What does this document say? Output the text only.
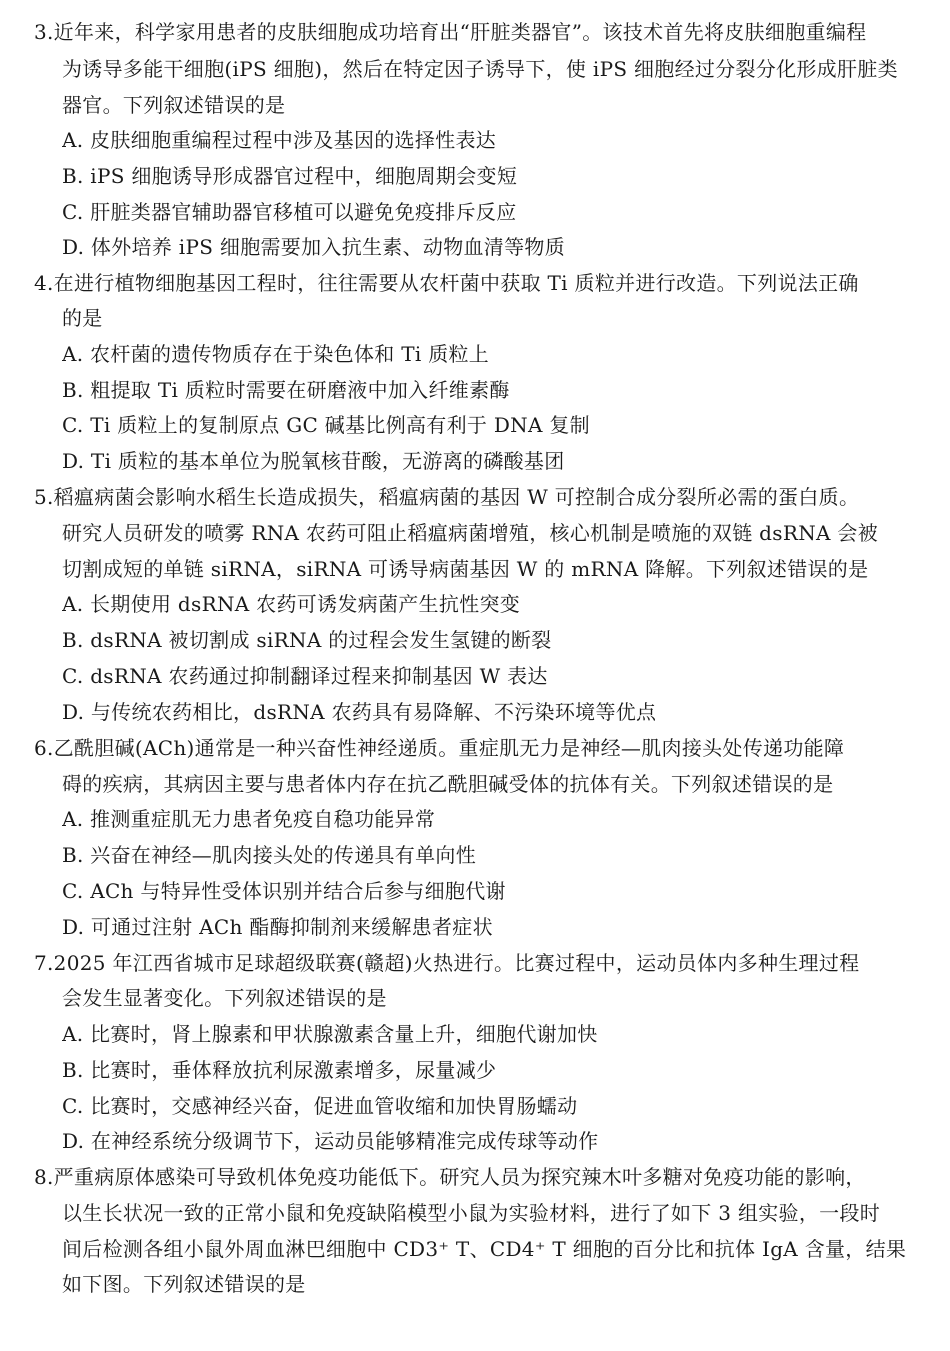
3.近年来，科学家用患者的皮肤细胞成功培育出“肝脏类器官”。该技术首先将皮肤细胞重编程
为诱导多能干细胞(iPS 细胞)，然后在特定因子诱导下，使 iPS 细胞经过分裂分化形成肝脏类
器官。下列叙述错误的是
A. 皮肤细胞重编程过程中涉及基因的选择性表达
B. iPS 细胞诱导形成器官过程中，细胞周期会变短
C. 肝脏类器官辅助器官移植可以避免免疫排斥反应
D. 体外培养 iPS 细胞需要加入抗生素、动物血清等物质
4.在进行植物细胞基因工程时，往往需要从农杆菌中获取 Ti 质粒并进行改造。下列说法正确
的是
A. 农杆菌的遗传物质存在于染色体和 Ti 质粒上
B. 粗提取 Ti 质粒时需要在研磨液中加入纤维素酶
C. Ti 质粒上的复制原点 GC 碱基比例高有利于 DNA 复制
D. Ti 质粒的基本单位为脱氧核苷酸，无游离的磷酸基团
5.稻瘟病菌会影响水稻生长造成损失，稻瘟病菌的基因 W 可控制合成分裂所必需的蛋白质。
研究人员研发的喷雾 RNA 农药可阻止稻瘟病菌增殖，核心机制是喷施的双链 dsRNA 会被
切割成短的单链 siRNA，siRNA 可诱导病菌基因 W 的 mRNA 降解。下列叙述错误的是
A. 长期使用 dsRNA 农药可诱发病菌产生抗性突变
B. dsRNA 被切割成 siRNA 的过程会发生氢键的断裂
C. dsRNA 农药通过抑制翻译过程来抑制基因 W 表达
D. 与传统农药相比，dsRNA 农药具有易降解、不污染环境等优点
6.乙酰胆碱(ACh)通常是一种兴奋性神经递质。重症肌无力是神经—肌肉接头处传递功能障
碍的疾病，其病因主要与患者体内存在抗乙酰胆碱受体的抗体有关。下列叙述错误的是
A. 推测重症肌无力患者免疫自稳功能异常
B. 兴奋在神经—肌肉接头处的传递具有单向性
C. ACh 与特异性受体识别并结合后参与细胞代谢
D. 可通过注射 ACh 酯酶抑制剂来缓解患者症状
7.2025 年江西省城市足球超级联赛(赣超)火热进行。比赛过程中，运动员体内多种生理过程
会发生显著变化。下列叙述错误的是
A. 比赛时，肾上腺素和甲状腺激素含量上升，细胞代谢加快
B. 比赛时，垂体释放抗利尿激素增多，尿量减少
C. 比赛时，交感神经兴奋，促进血管收缩和加快胃肠蠕动
D. 在神经系统分级调节下，运动员能够精准完成传球等动作
8.严重病原体感染可导致机体免疫功能低下。研究人员为探究辣木叶多糖对免疫功能的影响，
以生长状况一致的正常小鼠和免疫缺陷模型小鼠为实验材料，进行了如下 3 组实验，一段时
间后检测各组小鼠外周血淋巴细胞中 CD3⁺ T、CD4⁺ T 细胞的百分比和抗体 IgA 含量，结果
如下图。下列叙述错误的是
